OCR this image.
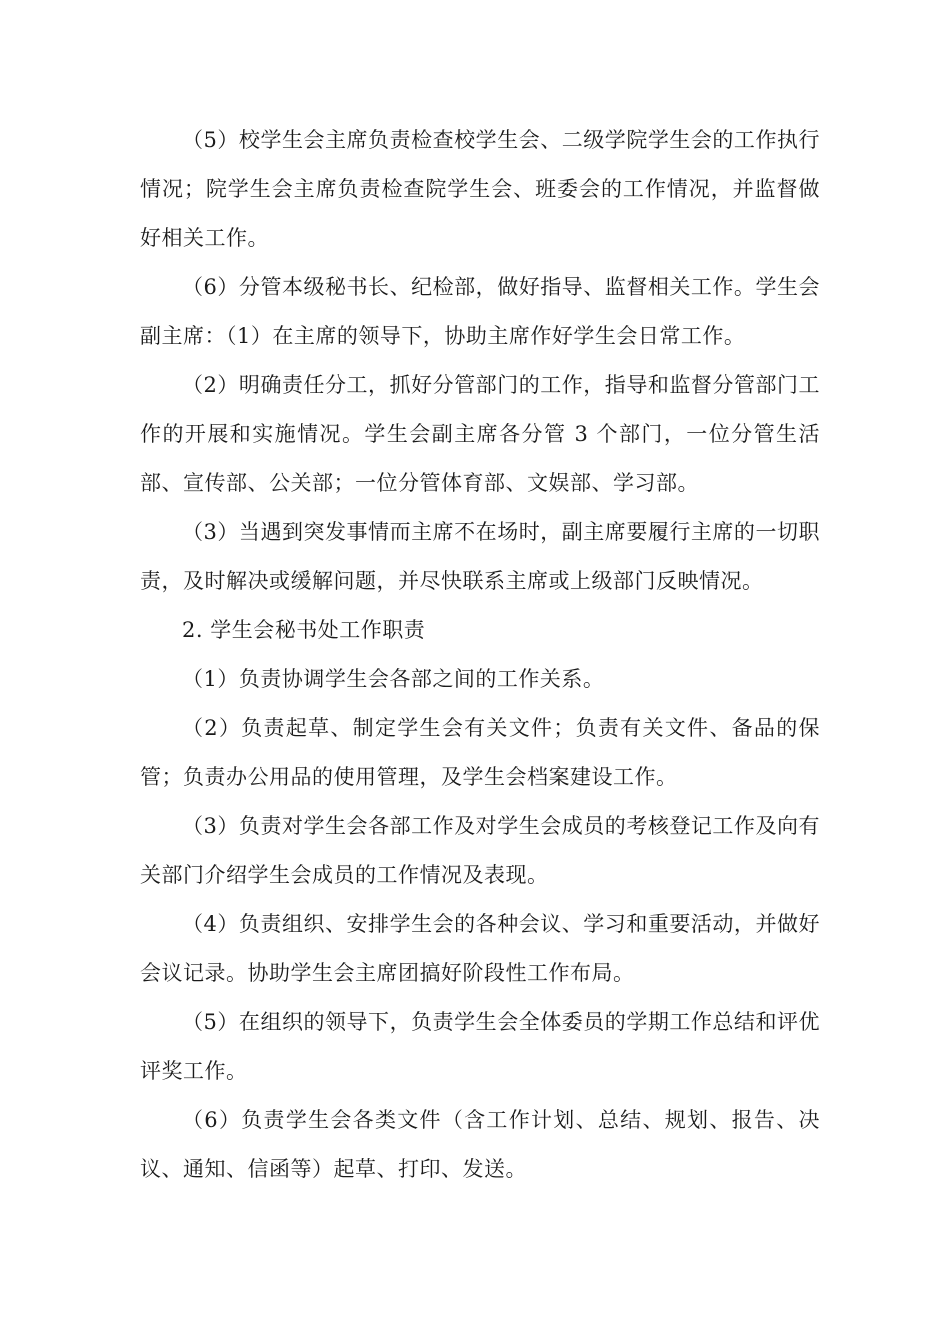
（5）校学生会主席负责检查校学生会、二级学院学生会的工作执行情况；院学生会主席负责检查院学生会、班委会的工作情况，并监督做好相关工作。

（6）分管本级秘书长、纪检部，做好指导、监督相关工作。学生会副主席：（1）在主席的领导下，协助主席作好学生会日常工作。

（2）明确责任分工，抓好分管部门的工作，指导和监督分管部门工作的开展和实施情况。学生会副主席各分管 3 个部门，一位分管生活部、宣传部、公关部；一位分管体育部、文娱部、学习部。

（3）当遇到突发事情而主席不在场时，副主席要履行主席的一切职责，及时解决或缓解问题，并尽快联系主席或上级部门反映情况。

2. 学生会秘书处工作职责

（1）负责协调学生会各部之间的工作关系。

（2）负责起草、制定学生会有关文件；负责有关文件、备品的保管；负责办公用品的使用管理，及学生会档案建设工作。

（3）负责对学生会各部工作及对学生会成员的考核登记工作及向有关部门介绍学生会成员的工作情况及表现。

（4）负责组织、安排学生会的各种会议、学习和重要活动，并做好会议记录。协助学生会主席团搞好阶段性工作布局。

（5）在组织的领导下，负责学生会全体委员的学期工作总结和评优评奖工作。

（6）负责学生会各类文件（含工作计划、总结、规划、报告、决议、通知、信函等）起草、打印、发送。
